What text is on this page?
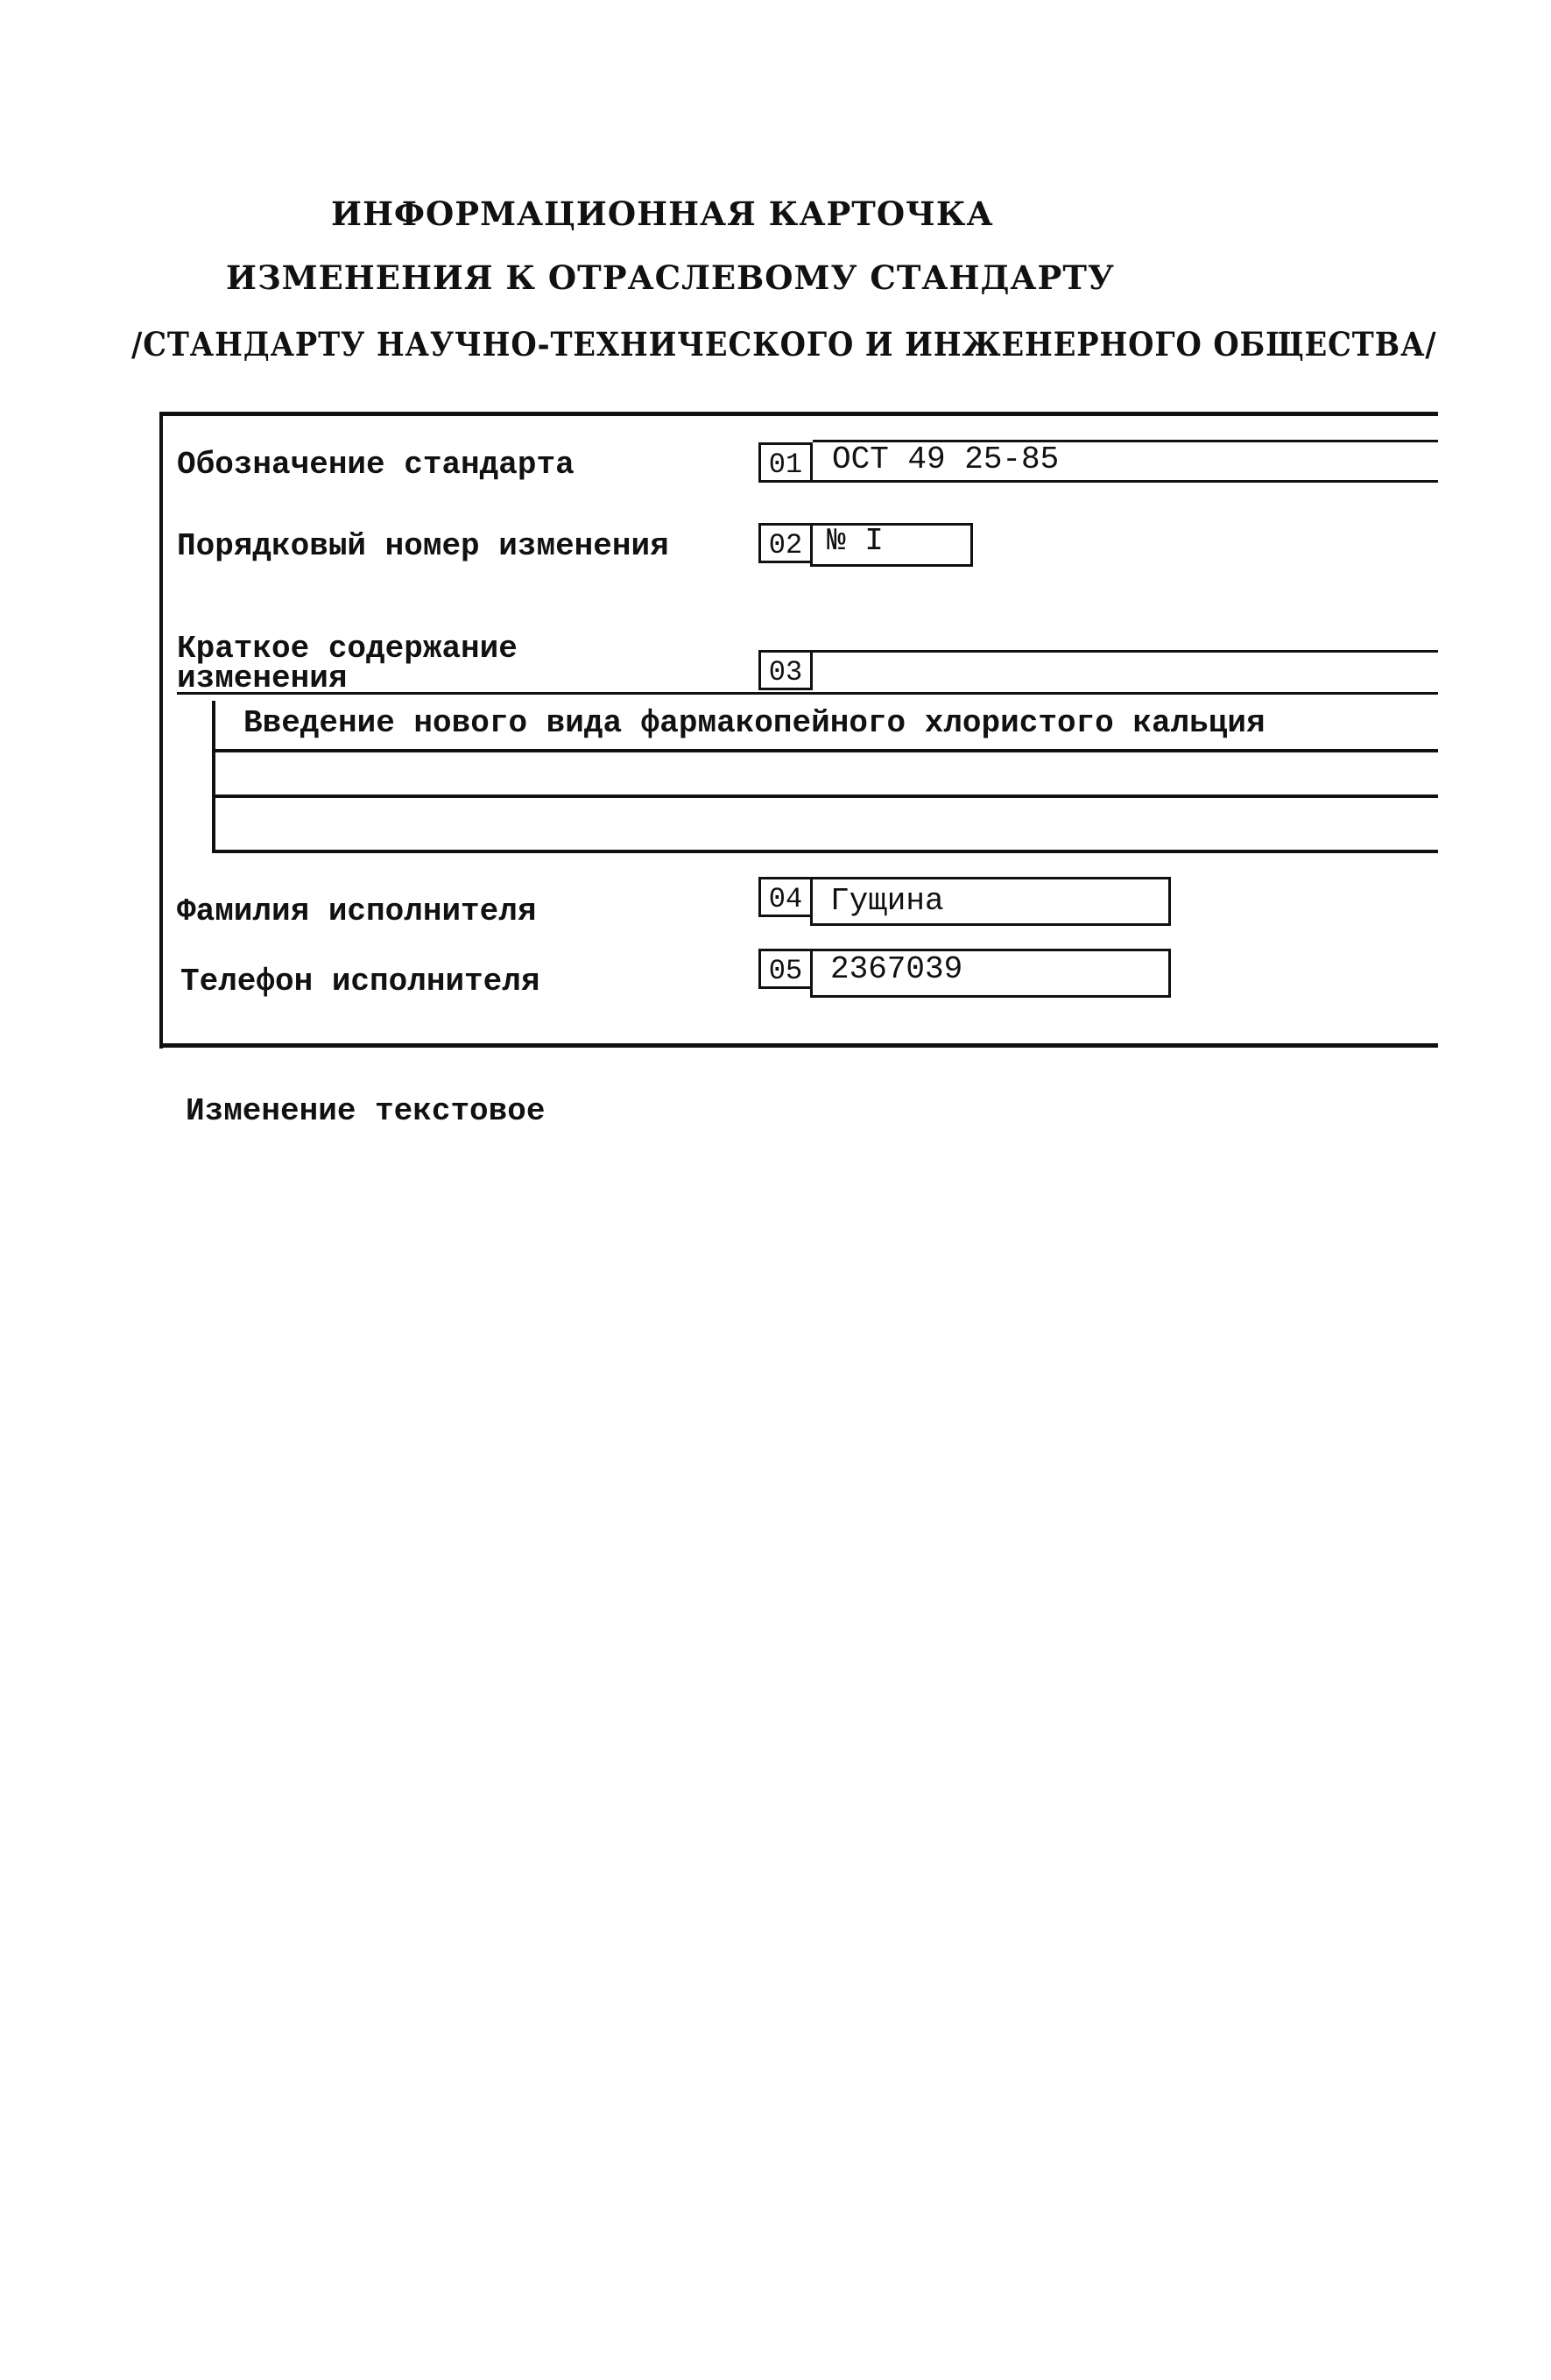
ИНФОРМАЦИОННАЯ КАРТОЧКА
ИЗМЕНЕНИЯ К ОТРАСЛЕВОМУ СТАНДАРТУ
/СТАНДАРТУ НАУЧНО-ТЕХНИЧЕСКОГО И ИНЖЕНЕРНОГО ОБЩЕСТВА/
Обозначение стандарта	01 ОСТ 49 25-85
Порядковый номер изменения	02 № I
Краткое содержание
изменения	03
Введение нового вида фармакопейного хлористого кальция
Фамилия исполнителя	04 Гущина
Телефон исполнителя	05 2367039
Изменение текстовое
